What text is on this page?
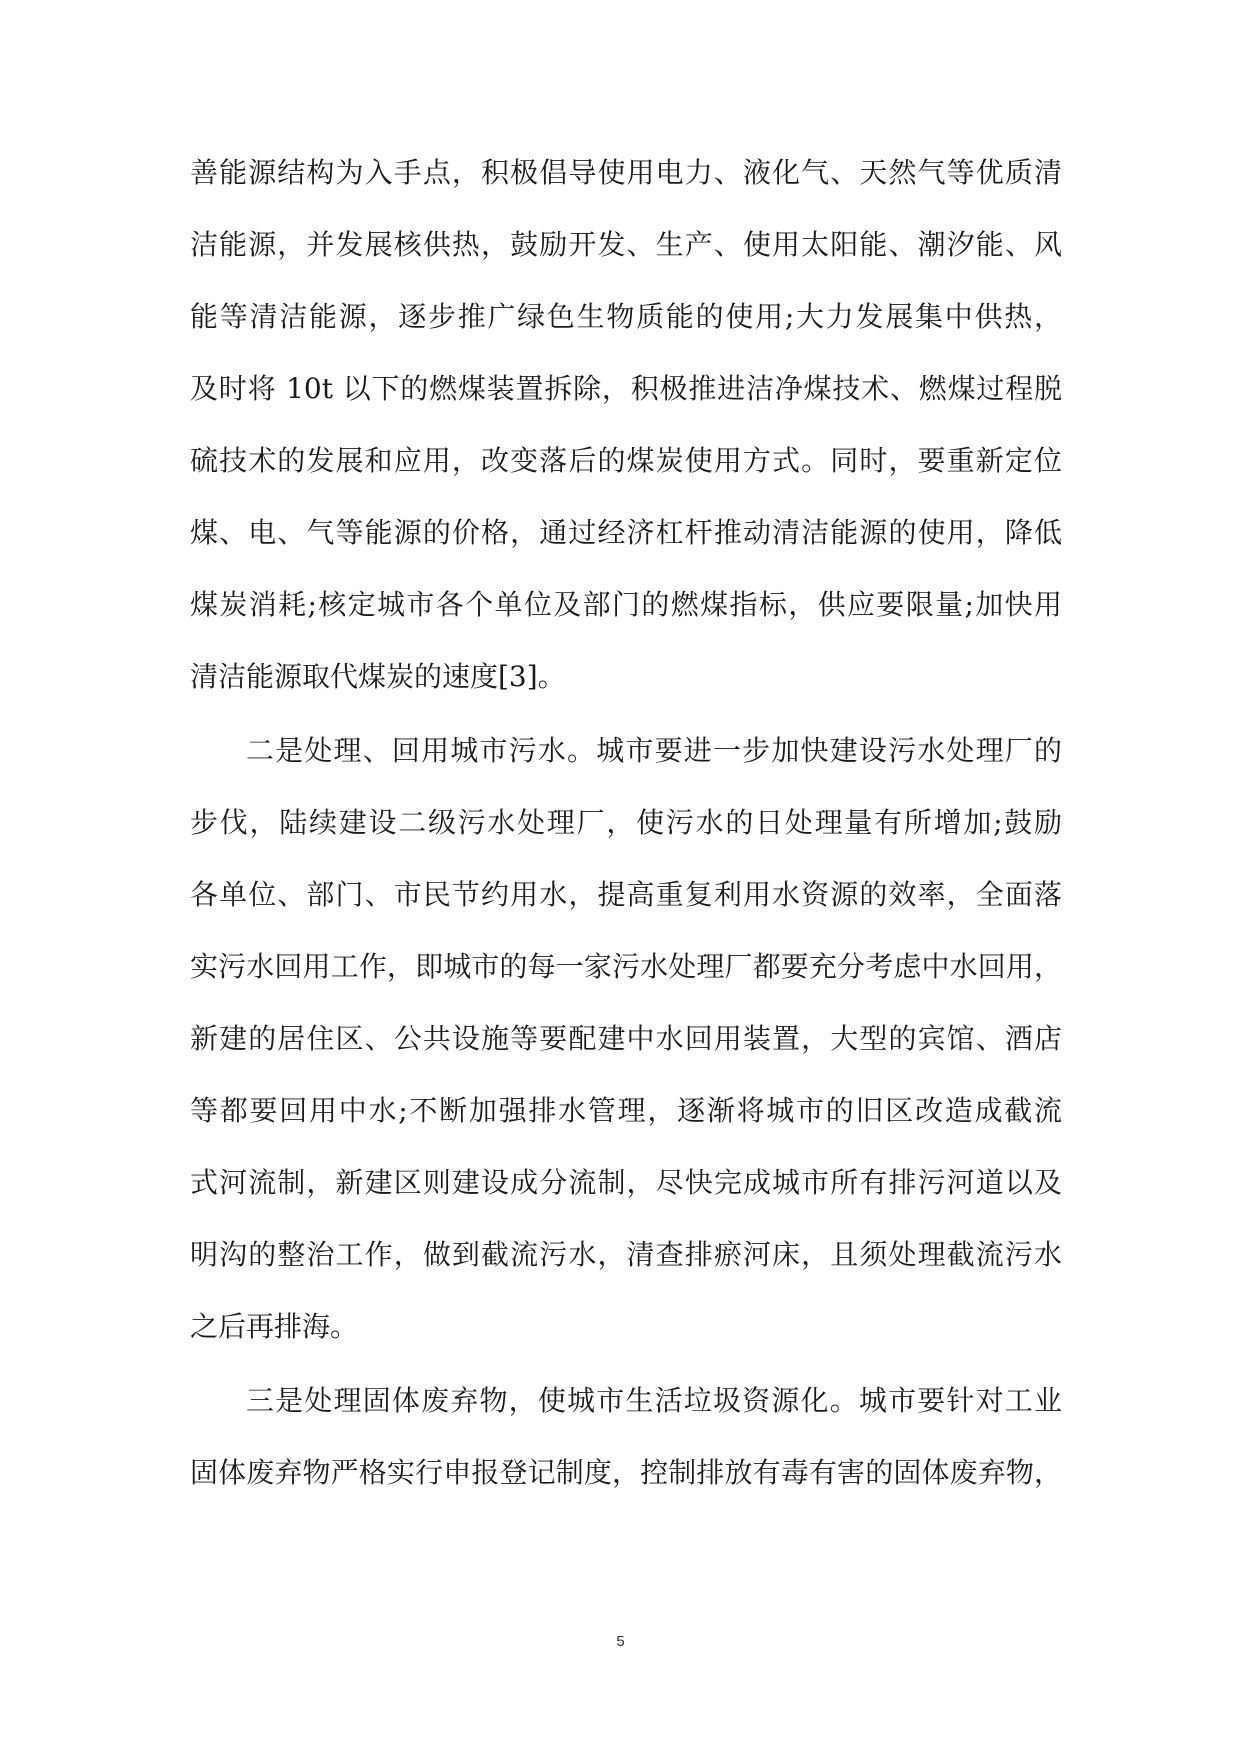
善能源结构为入手点，积极倡导使用电力、液化气、天然气等优质清
洁能源，并发展核供热，鼓励开发、生产、使用太阳能、潮汐能、风
能等清洁能源，逐步推广绿色生物质能的使用;大力发展集中供热，
及时将 10t 以下的燃煤装置拆除，积极推进洁净煤技术、燃煤过程脱
硫技术的发展和应用，改变落后的煤炭使用方式。同时，要重新定位
煤、电、气等能源的价格，通过经济杠杆推动清洁能源的使用，降低
煤炭消耗;核定城市各个单位及部门的燃煤指标，供应要限量;加快用
清洁能源取代煤炭的速度[3]。
二是处理、回用城市污水。城市要进一步加快建设污水处理厂的
步伐，陆续建设二级污水处理厂，使污水的日处理量有所增加;鼓励
各单位、部门、市民节约用水，提高重复利用水资源的效率，全面落
实污水回用工作，即城市的每一家污水处理厂都要充分考虑中水回用，
新建的居住区、公共设施等要配建中水回用装置，大型的宾馆、酒店
等都要回用中水;不断加强排水管理，逐渐将城市的旧区改造成截流
式河流制，新建区则建设成分流制，尽快完成城市所有排污河道以及
明沟的整治工作，做到截流污水，清查排瘀河床，且须处理截流污水
之后再排海。
三是处理固体废弃物，使城市生活垃圾资源化。城市要针对工业
固体废弃物严格实行申报登记制度，控制排放有毒有害的固体废弃物，
5
